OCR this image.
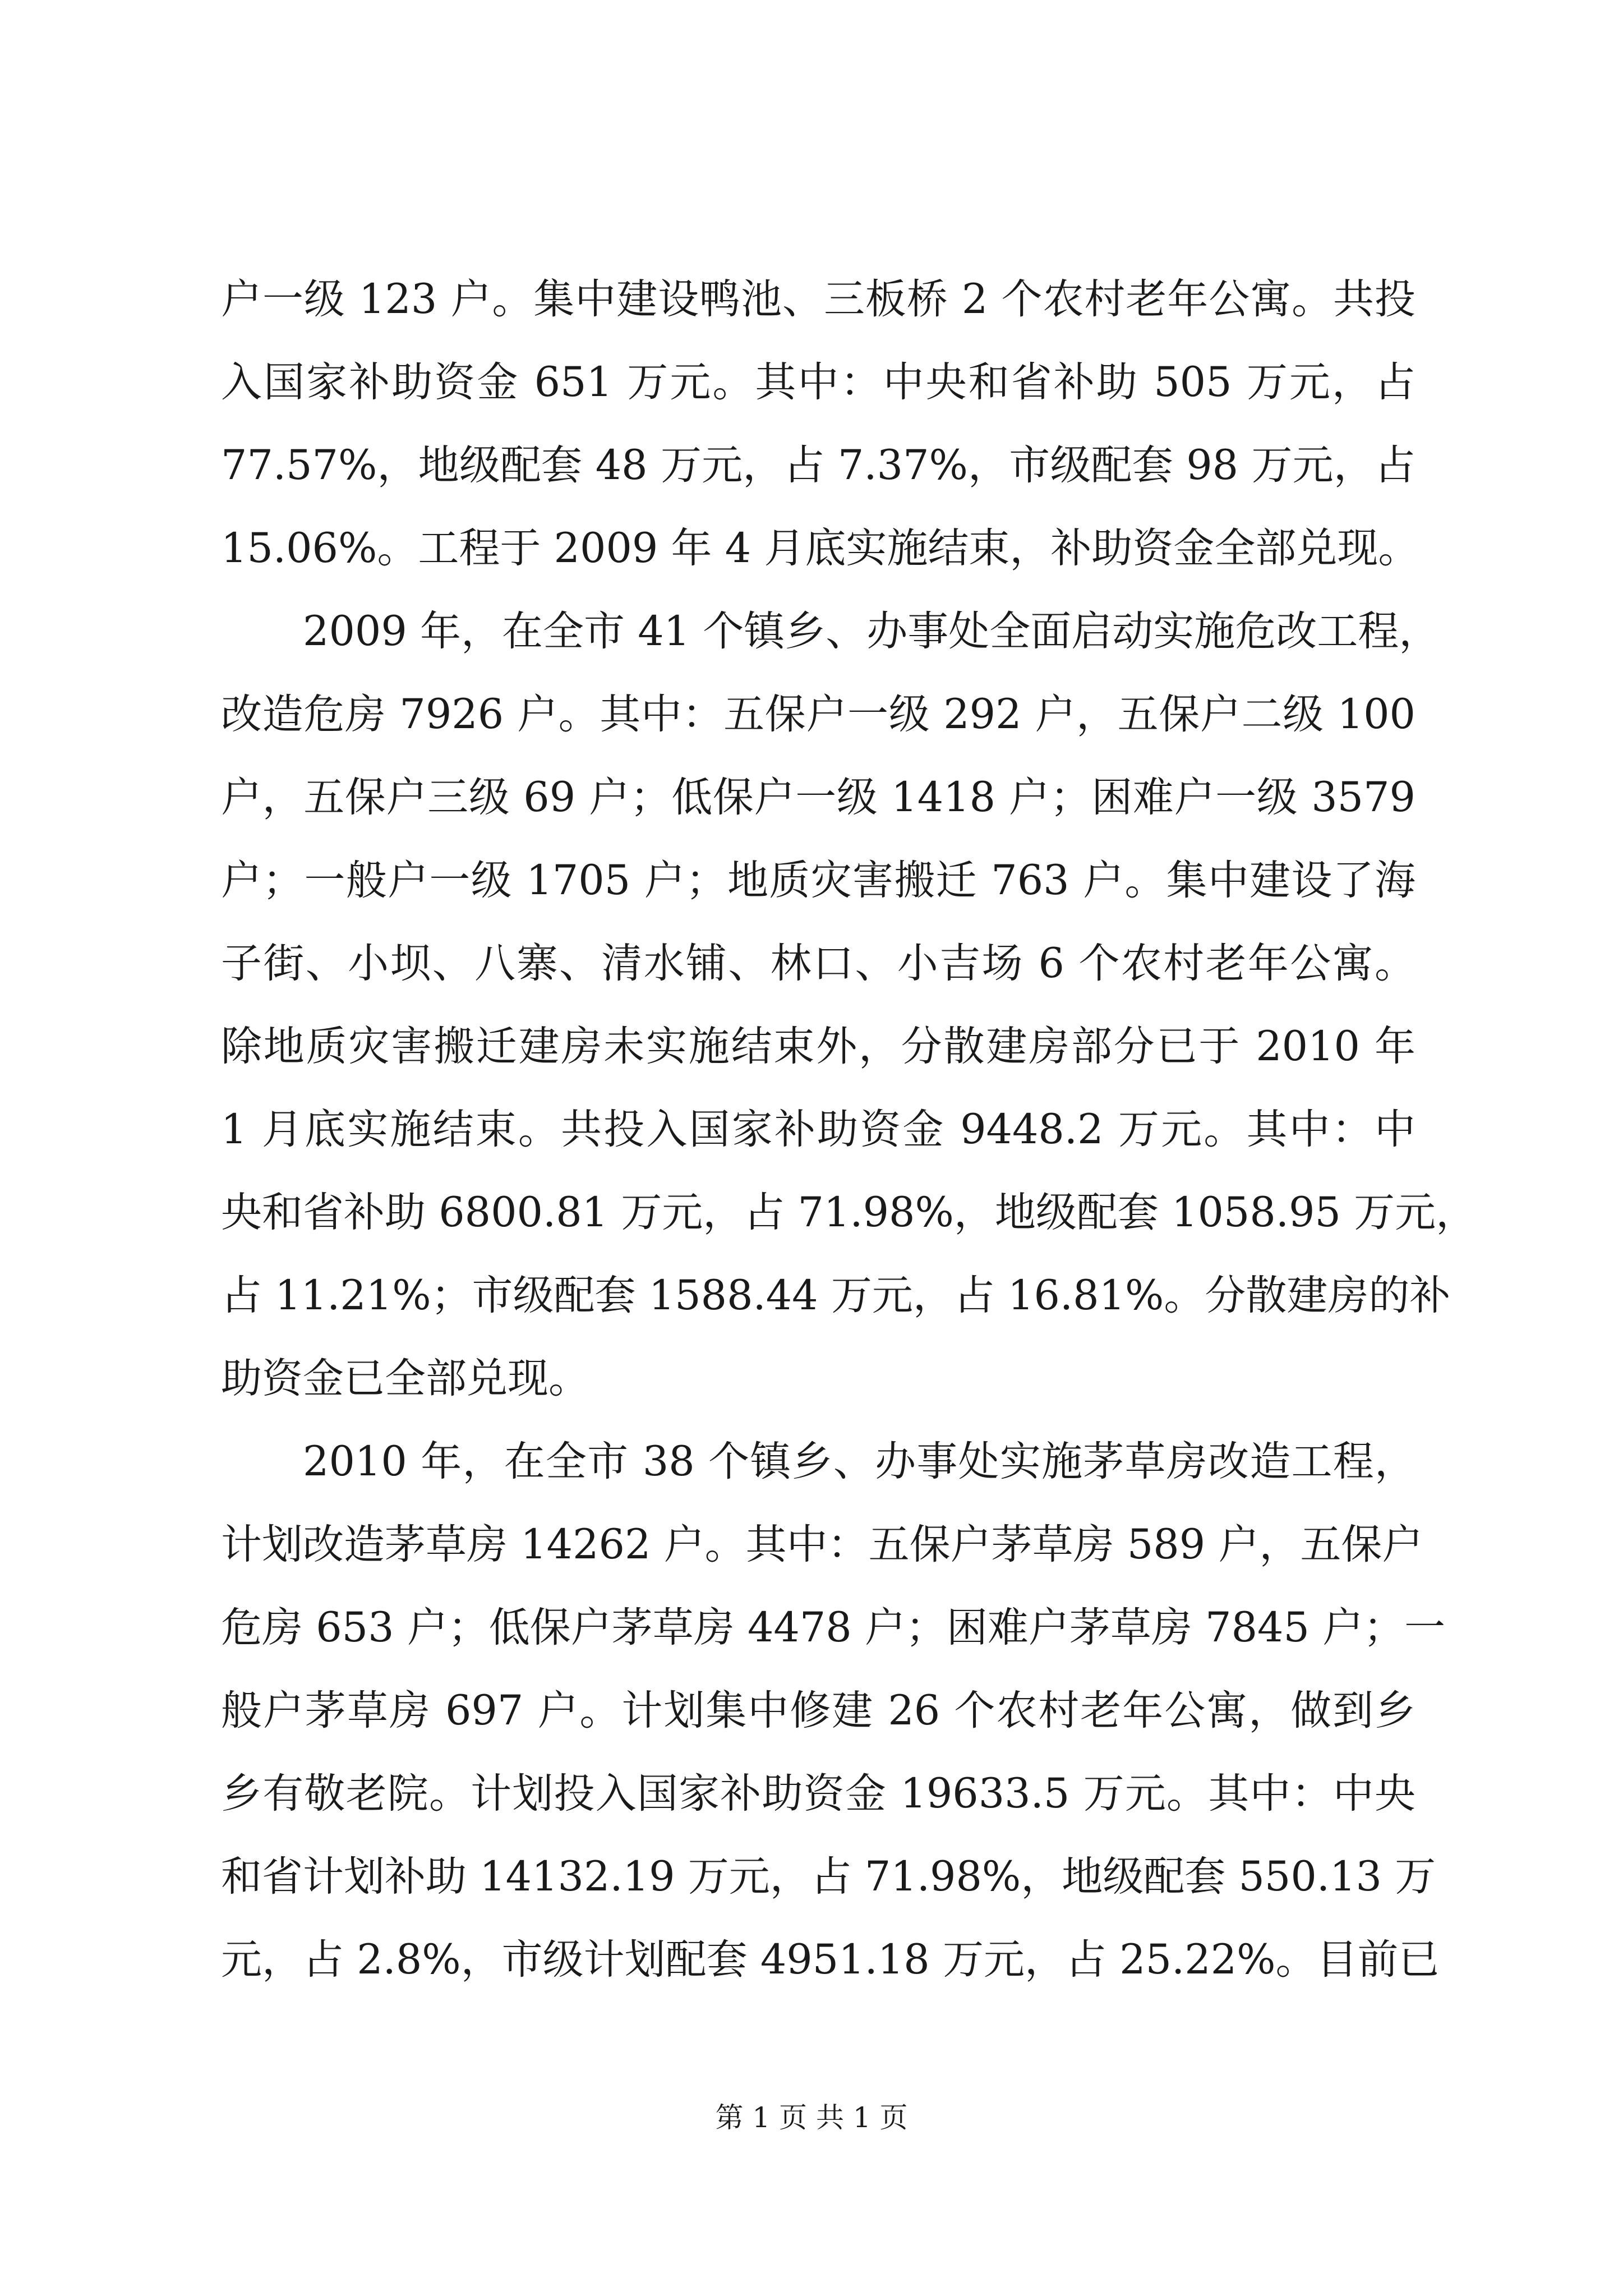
户一级 123 户。集中建设鸭池、三板桥 2 个农村老年公寓。共投
入国家补助资金 651 万元。其中：中央和省补助 505 万元，占
77.57%，地级配套 48 万元，占 7.37%，市级配套 98 万元，占
15.06%。工程于 2009 年 4 月底实施结束，补助资金全部兑现。
2009 年，在全市 41 个镇乡、办事处全面启动实施危改工程，
改造危房 7926 户。其中：五保户一级 292 户，五保户二级 100
户，五保户三级 69 户；低保户一级 1418 户；困难户一级 3579
户；一般户一级 1705 户；地质灾害搬迁 763 户。集中建设了海
子街、小坝、八寨、清水铺、林口、小吉场 6 个农村老年公寓。
除地质灾害搬迁建房未实施结束外，分散建房部分已于 2010 年
1 月底实施结束。共投入国家补助资金 9448.2 万元。其中：中
央和省补助 6800.81 万元，占 71.98%，地级配套 1058.95 万元，
占 11.21%；市级配套 1588.44 万元，占 16.81%。分散建房的补
助资金已全部兑现。
2010 年，在全市 38 个镇乡、办事处实施茅草房改造工程，
计划改造茅草房 14262 户。其中：五保户茅草房 589 户，五保户
危房 653 户；低保户茅草房 4478 户；困难户茅草房 7845 户；一
般户茅草房 697 户。计划集中修建 26 个农村老年公寓，做到乡
乡有敬老院。计划投入国家补助资金 19633.5 万元。其中：中央
和省计划补助 14132.19 万元，占 71.98%，地级配套 550.13 万
元，占 2.8%，市级计划配套 4951.18 万元，占 25.22%。目前已
第 1 页 共 1 页
